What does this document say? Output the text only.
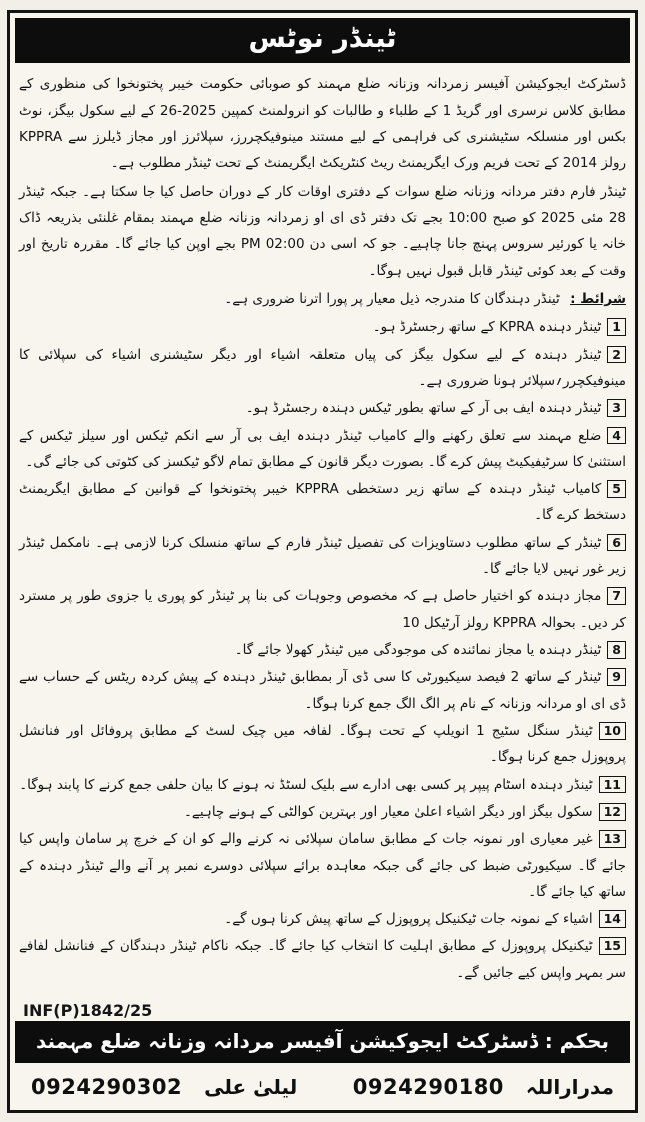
ٹینڈر نوٹس

ڈسٹرکٹ ایجوکیشن آفیسر زمردانہ وزنانہ ضلع مہمند کو صوبائی حکومت خیبر پختونخوا کی منظوری کے مطابق کلاس نرسری اور گریڈ 1 کے طلباء و طالبات کو انرولمنٹ کمپین 2025-26 کے لیے سکول بیگز، نوٹ بکس اور منسلکہ سٹیشنری کی فراہمی کے لیے مستند مینوفیکچررز، سپلائرز اور مجاز ڈیلرز سے KPPRA رولز 2014 کے تحت فریم ورک ایگریمنٹ ریٹ کنٹریکٹ ایگریمنٹ کے تحت ٹینڈر مطلوب ہے۔

ٹینڈر فارم دفتر مردانہ وزنانہ ضلع سوات کے دفتری اوقات کار کے دوران حاصل کیا جا سکتا ہے۔ جبکہ ٹینڈر 28 مئی 2025 کو صبح 10:00 بجے تک دفتر ڈی ای او زمردانہ وزنانہ ضلع مہمند بمقام غلنئی بذریعہ ڈاک خانہ یا کورئیر سروس پہنچ جانا چاہیے۔ جو کہ اسی دن 02:00 PM بجے اوپن کیا جائے گا۔ مقررہ تاریخ اور وقت کے بعد کوئی ٹینڈر قابل قبول نہیں ہوگا۔

شرائط : ٹینڈر دہندگان کا مندرجہ ذیل معیار پر پورا اترنا ضروری ہے۔

1ٹینڈر دہندہ KPRA کے ساتھ رجسٹرڈ ہو۔
2ٹینڈر دہندہ کے لیے سکول بیگز کی پیاں متعلقہ اشیاء اور دیگر سٹیشنری اشیاء کی سپلائی کا مینوفیکچرر؍سپلائر ہونا ضروری ہے۔
3ٹینڈر دہندہ ایف بی آر کے ساتھ بطور ٹیکس دہندہ رجسٹرڈ ہو۔
4ضلع مہمند سے تعلق رکھنے والے کامیاب ٹینڈر دہندہ ایف بی آر سے انکم ٹیکس اور سیلز ٹیکس کے استثنیٰ کا سرٹیفیکیٹ پیش کرے گا۔ بصورت دیگر قانون کے مطابق تمام لاگو ٹیکسز کی کٹوتی کی جائے گی۔
5کامیاب ٹینڈر دہندہ کے ساتھ زیر دستخطی KPPRA خیبر پختونخوا کے قوانین کے مطابق ایگریمنٹ دستخط کرے گا۔
6ٹینڈر کے ساتھ مطلوب دستاویزات کی تفصیل ٹینڈر فارم کے ساتھ منسلک کرنا لازمی ہے۔ نامکمل ٹینڈر زیر غور نہیں لایا جائے گا۔
7مجاز دہندہ کو اختیار حاصل ہے کہ مخصوص وجوہات کی بنا پر ٹینڈر کو پوری یا جزوی طور پر مسترد کر دیں۔ بحوالہ KPPRA رولز آرٹیکل 10
8ٹینڈر دہندہ یا مجاز نمائندہ کی موجودگی میں ٹینڈر کھولا جائے گا۔
9ٹینڈر کے ساتھ 2 فیصد سیکیورٹی کا سی ڈی آر بمطابق ٹینڈر دہندہ کے پیش کردہ ریٹس کے حساب سے ڈی ای او مردانہ وزنانہ کے نام پر الگ الگ جمع کرنا ہوگا۔
10ٹینڈر سنگل سٹیج 1 انویلپ کے تحت ہوگا۔ لفافہ میں چیک لسٹ کے مطابق پروفائل اور فنانشل پروپوزل جمع کرنا ہوگا۔
11ٹینڈر دہندہ اسٹام پیپر پر کسی بھی ادارے سے بلیک لسٹڈ نہ ہونے کا بیان حلفی جمع کرنے کا پابند ہوگا۔
12سکول بیگز اور دیگر اشیاء اعلیٰ معیار اور بہترین کوالٹی کے ہونے چاہیے۔
13غیر معیاری اور نمونہ جات کے مطابق سامان سپلائی نہ کرنے والے کو ان کے خرچ پر سامان واپس کیا جائے گا۔ سیکیورٹی ضبط کی جائے گی جبکہ معاہدہ برائے سپلائی دوسرے نمبر پر آنے والے ٹینڈر دہندہ کے ساتھ کیا جائے گا۔
14اشیاء کے نمونہ جات ٹیکنیکل پروپوزل کے ساتھ پیش کرنا ہوں گے۔
15ٹیکنیکل پروپوزل کے مطابق اہلیت کا انتخاب کیا جائے گا۔ جبکہ ناکام ٹینڈر دہندگان کے فنانشل لفافے سر بمہر واپس کیے جائیں گے۔
INF(P)1842/25
بحکم : ڈسٹرکٹ ایجوکیشن آفیسر مردانہ وزنانہ ضلع مہمند
مدراراللہ
0924290180
لیلیٰ علی
0924290302
